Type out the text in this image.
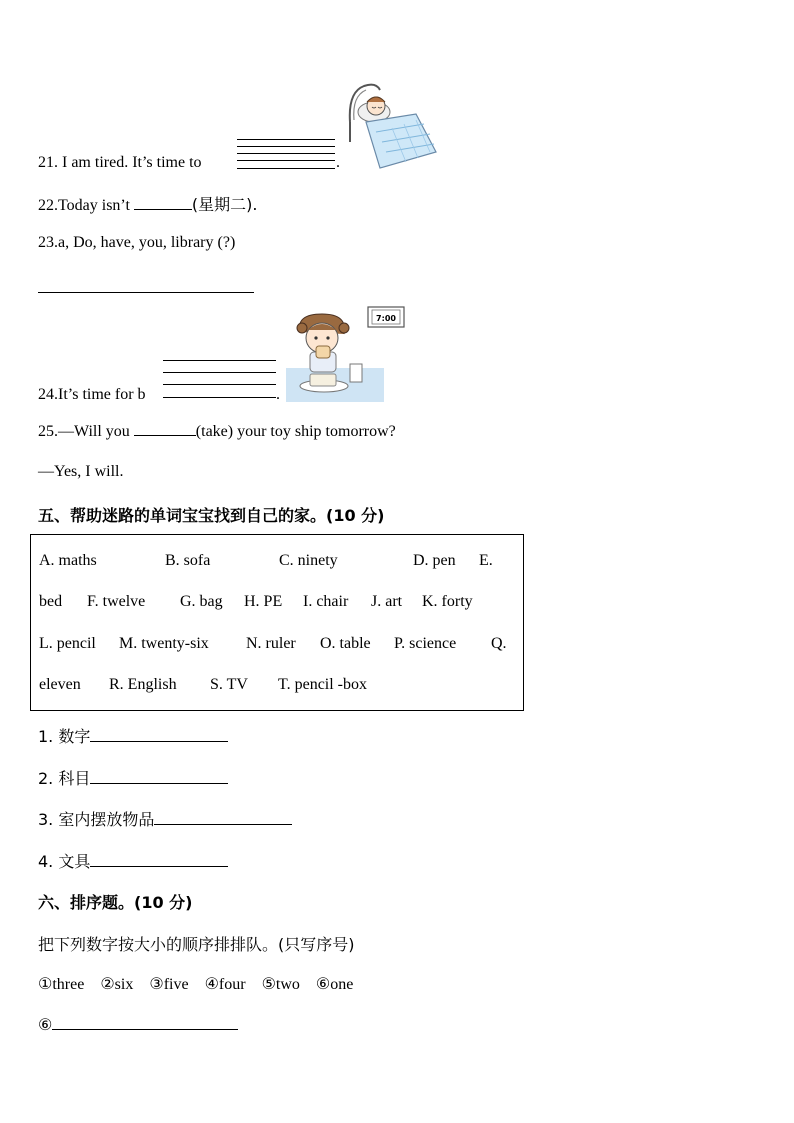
21. I am tired. It’s time to	.
22.Today isn’t	(星期二).
23.a, Do, have, you, library (?)
24.It’s time for b	.
7:00
25.—Will you	(take) your toy ship tomorrow?
—Yes, I will.
五、帮助迷路的单词宝宝找到自己的家。(10 分)
A. maths	B. sofa	C. ninety	D. pen E.
bed F. twelve G. bag H. PE I. chair J. art K. forty
L. pencil M. twenty-six N. ruler O. table P. science Q.
eleven R. English S. TV T. pencil -box
1. 数字
2. 科目
3. 室内摆放物品
4. 文具
六、排序题。(10 分)
把下列数字按大小的顺序排排队。(只写序号)
①three ②six ③five ④four ⑤two ⑥one
⑥
